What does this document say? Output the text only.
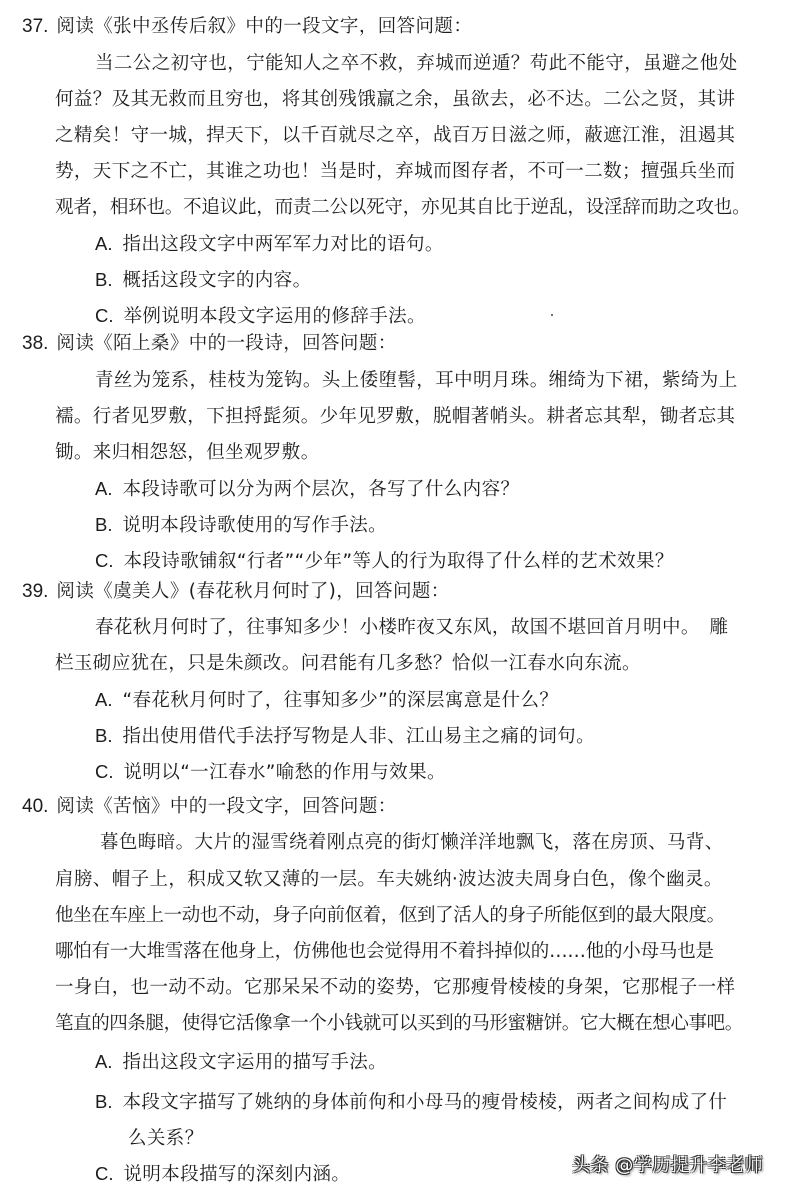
37. 阅读《张中丞传后叙》中的一段文字，回答问题：
当二公之初守也，宁能知人之卒不救，弃城而逆遁？苟此不能守，虽避之他处
何益？及其无救而且穷也，将其创残饿羸之余，虽欲去，必不达。二公之贤，其讲
之精矣！守一城，捍天下，以千百就尽之卒，战百万日滋之师，蔽遮江淮，沮遏其
势，天下之不亡，其谁之功也！当是时，弃城而图存者，不可一二数；擅强兵坐而
观者，相环也。不追议此，而责二公以死守，亦见其自比于逆乱，设淫辞而助之攻也。
A. 指出这段文字中两军军力对比的语句。
B. 概括这段文字的内容。
C. 举例说明本段文字运用的修辞手法。
38. 阅读《陌上桑》中的一段诗，回答问题：
青丝为笼系，桂枝为笼钩。头上倭堕髻，耳中明月珠。缃绮为下裙，紫绮为上
襦。行者见罗敷，下担捋髭须。少年见罗敷，脱帽著帩头。耕者忘其犁，锄者忘其
锄。来归相怨怒，但坐观罗敷。
A. 本段诗歌可以分为两个层次，各写了什么内容？
B. 说明本段诗歌使用的写作手法。
C. 本段诗歌铺叙“行者”“少年”等人的行为取得了什么样的艺术效果？
39. 阅读《虞美人》(春花秋月何时了)，回答问题：
春花秋月何时了，往事知多少！小楼昨夜又东风，故国不堪回首月明中。　雕
栏玉砌应犹在，只是朱颜改。问君能有几多愁？恰似一江春水向东流。
A. “春花秋月何时了，往事知多少”的深层寓意是什么？
B. 指出使用借代手法抒写物是人非、江山易主之痛的词句。
C. 说明以“一江春水”喻愁的作用与效果。
40. 阅读《苦恼》中的一段文字，回答问题：
暮色晦暗。大片的湿雪绕着刚点亮的街灯懒洋洋地飘飞，落在房顶、马背、
肩膀、帽子上，积成又软又薄的一层。车夫姚纳·波达波夫周身白色，像个幽灵。
他坐在车座上一动也不动，身子向前伛着，伛到了活人的身子所能伛到的最大限度。
哪怕有一大堆雪落在他身上，仿佛他也会觉得用不着抖掉似的……他的小母马也是
一身白，也一动不动。它那呆呆不动的姿势，它那瘦骨棱棱的身架，它那棍子一样
笔直的四条腿，使得它活像拿一个小钱就可以买到的马形蜜糖饼。它大概在想心事吧。
A. 指出这段文字运用的描写手法。
B. 本段文字描写了姚纳的身体前佝和小母马的瘦骨棱棱，两者之间构成了什
么关系？
C. 说明本段描写的深刻内涵。	头条 @学历提升李老师
